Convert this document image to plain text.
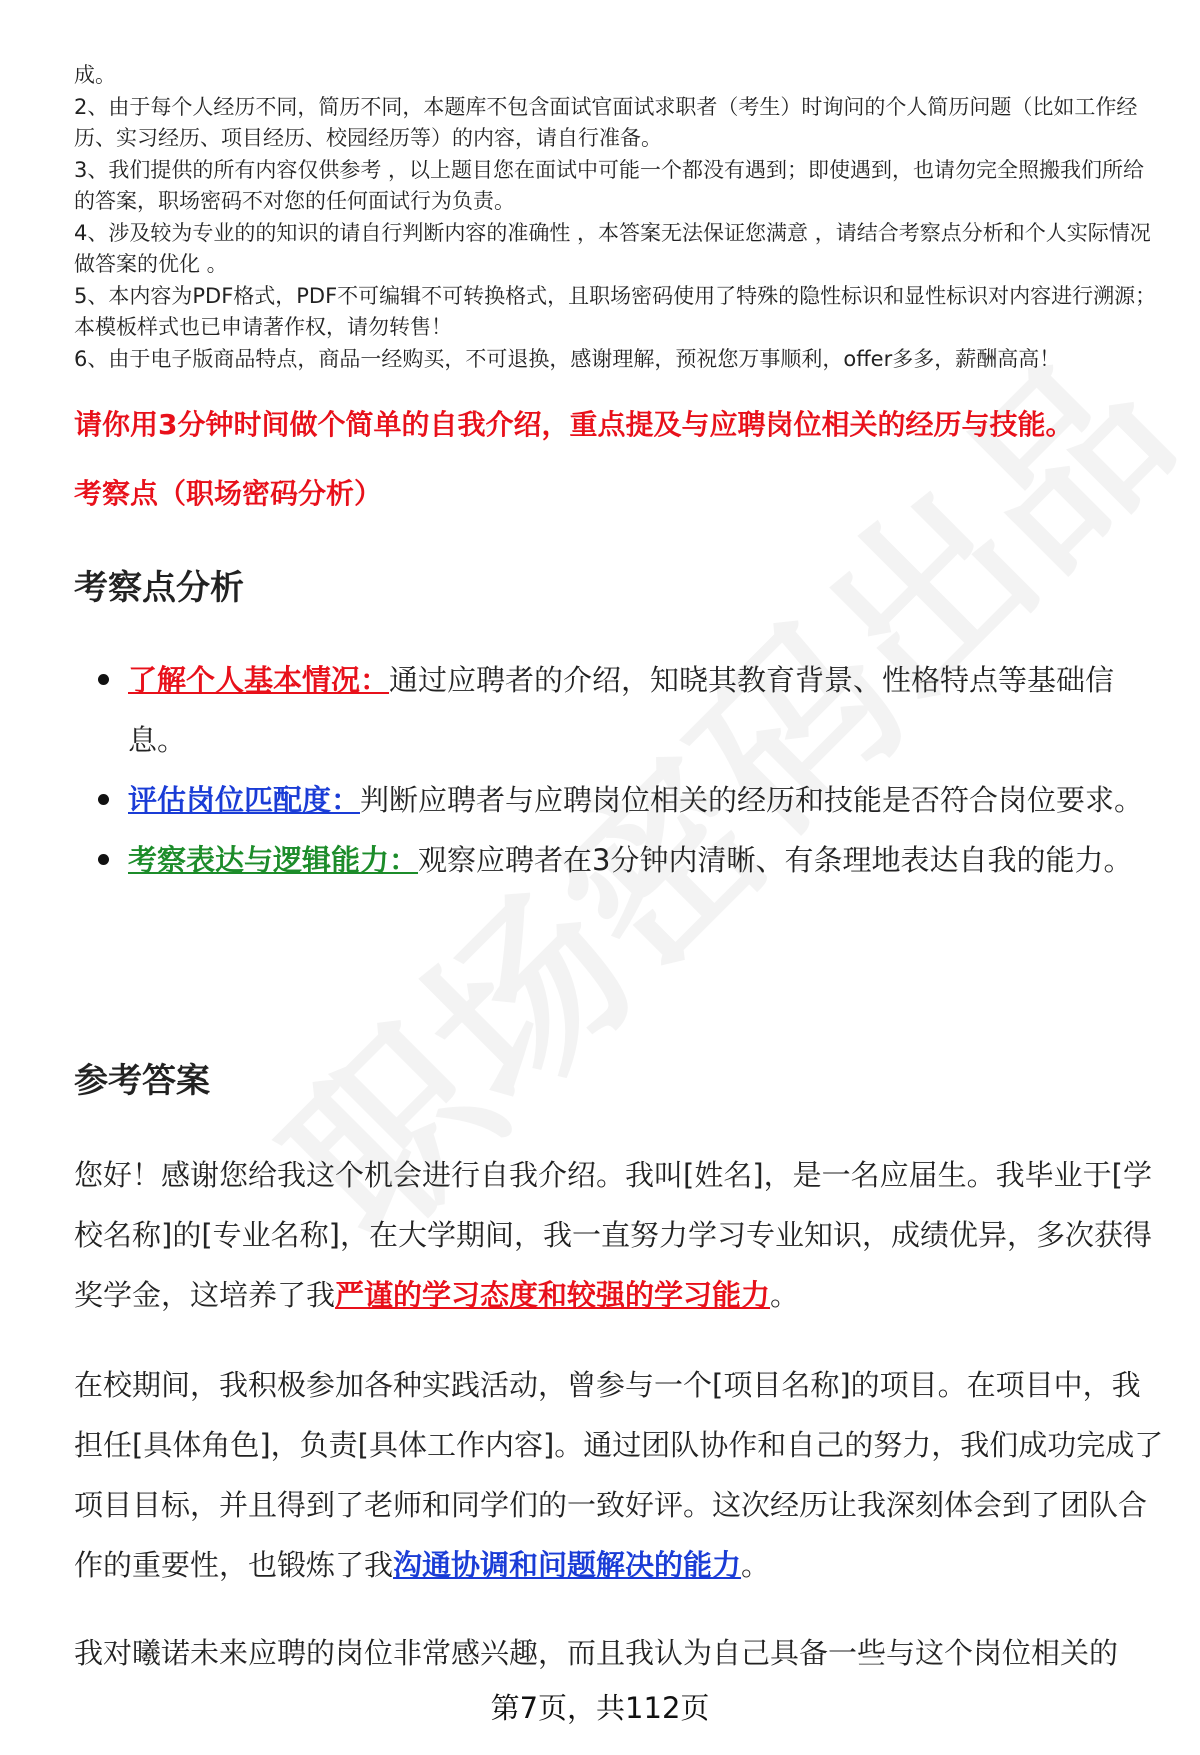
成。

2、由于每个人经历不同，简历不同，本题库不包含面试官面试求职者（考生）时询问的个人简历问题（比如工作经历、实习经历、项目经历、校园经历等）的内容，请自行准备。

3、我们提供的所有内容仅供参考 ，以上题目您在面试中可能一个都没有遇到；即使遇到，也请勿完全照搬我们所给的答案，职场密码不对您的任何面试行为负责。

4、涉及较为专业的的知识的请自行判断内容的准确性 ，本答案无法保证您满意 ，请结合考察点分析和个人实际情况做答案的优化 。

5、本内容为PDF格式，PDF不可编辑不可转换格式，且职场密码使用了特殊的隐性标识和显性标识对内容进行溯源；本模板样式也已申请著作权，请勿转售！

6、由于电子版商品特点，商品一经购买，不可退换，感谢理解，预祝您万事顺利，offer多多，薪酬高高！

请你用3分钟时间做个简单的自我介绍，重点提及与应聘岗位相关的经历与技能。
考察点（职场密码分析）
考察点分析
了解个人基本情况：通过应聘者的介绍，知晓其教育背景、性格特点等基础信息。
评估岗位匹配度：判断应聘者与应聘岗位相关的经历和技能是否符合岗位要求。
考察表达与逻辑能力：观察应聘者在3分钟内清晰、有条理地表达自我的能力。
参考答案

您好！感谢您给我这个机会进行自我介绍。我叫[姓名]，是一名应届生。我毕业于[学校名称]的[专业名称]，在大学期间，我一直努力学习专业知识，成绩优异，多次获得奖学金，这培养了我严谨的学习态度和较强的学习能力。

在校期间，我积极参加各种实践活动，曾参与一个[项目名称]的项目。在项目中，我担任[具体角色]，负责[具体工作内容]。通过团队协作和自己的努力，我们成功完成了项目目标，并且得到了老师和同学们的一致好评。这次经历让我深刻体会到了团队合作的重要性，也锻炼了我沟通协调和问题解决的能力。

我对曦诺未来应聘的岗位非常感兴趣，而且我认为自己具备一些与这个岗位相关的

第7页，共112页
